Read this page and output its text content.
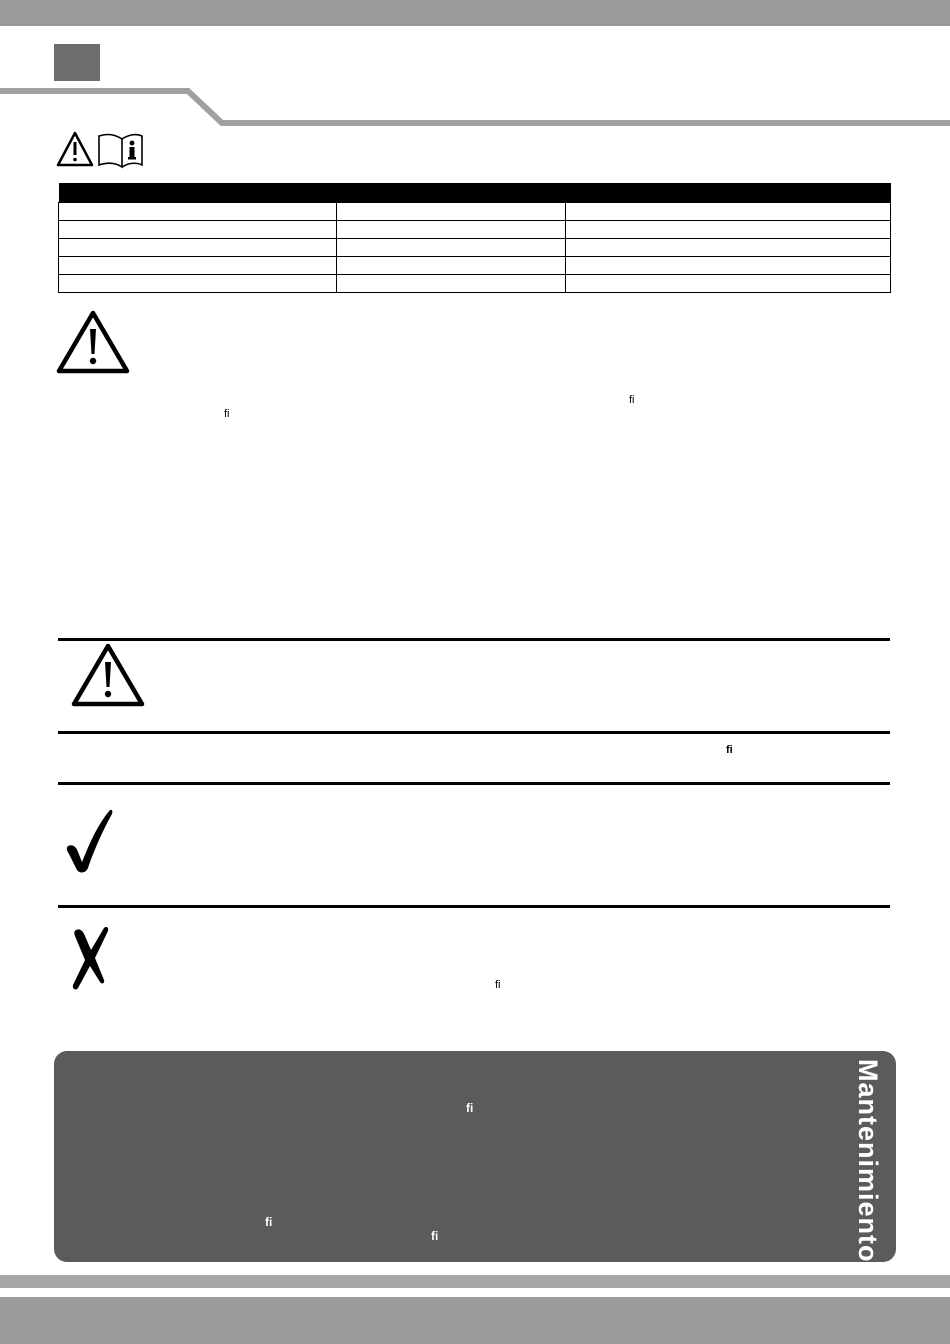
fi
fi
fi
fi
fi
fi
fi	Mantenimiento
